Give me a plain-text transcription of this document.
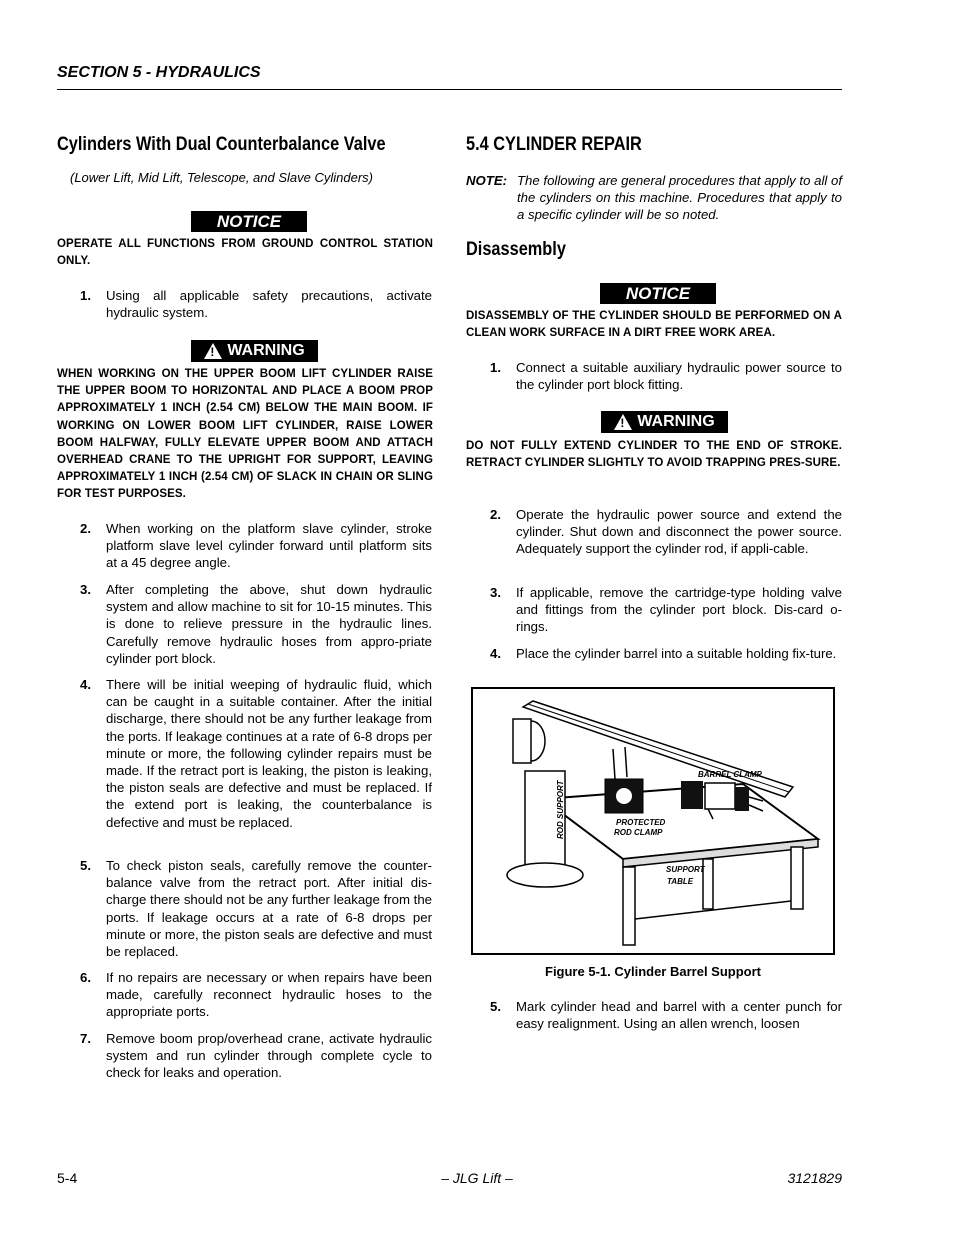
SECTION 5 - HYDRAULICS
Cylinders With Dual Counterbalance Valve
(Lower Lift, Mid Lift, Telescope, and Slave Cylinders)
NOTICE
OPERATE ALL FUNCTIONS FROM GROUND CONTROL STATION ONLY.
1. Using all applicable safety precautions, activate hydraulic system.
!
WARNING
WHEN WORKING ON THE UPPER BOOM LIFT CYLINDER RAISE THE UPPER BOOM TO HORIZONTAL AND PLACE A BOOM PROP APPROXIMATELY 1 INCH (2.54 CM) BELOW THE MAIN BOOM. IF WORKING ON LOWER BOOM LIFT CYLINDER, RAISE LOWER BOOM HALFWAY, FULLY ELEVATE UPPER BOOM AND ATTACH OVERHEAD CRANE TO THE UPRIGHT FOR SUPPORT, LEAVING APPROXIMATELY 1 INCH (2.54 CM) OF SLACK IN CHAIN OR SLING FOR TEST PURPOSES.
2. When working on the platform slave cylinder, stroke platform slave level cylinder forward until platform sits at a 45 degree angle.
3. After completing the above, shut down hydraulic system and allow machine to sit for 10-15 minutes. This is done to relieve pressure in the hydraulic lines. Carefully remove hydraulic hoses from appro-priate cylinder port block.
4. There will be initial weeping of hydraulic fluid, which can be caught in a suitable container. After the initial discharge, there should not be any further leakage from the ports. If leakage continues at a rate of 6-8 drops per minute or more, the following cylinder repairs must be made. If the retract port is leaking, the piston is leaking, the piston seals are defective and must be replaced. If the extend port is leaking, the counterbalance is defective and must be replaced.
5. To check piston seals, carefully remove the counter-balance valve from the retract port. After initial dis-charge there should not be any further leakage from the ports. If leakage occurs at a rate of 6-8 drops per minute or more, the piston seals are defective and must be replaced.
6. If no repairs are necessary or when repairs have been made, carefully reconnect hydraulic hoses to the appropriate ports.
7. Remove boom prop/overhead crane, activate hydraulic system and run cylinder through complete cycle to check for leaks and operation.
5.4 CYLINDER REPAIR
NOTE: The following are general procedures that apply to all of the cylinders on this machine. Procedures that apply to a specific cylinder will be so noted.
Disassembly
NOTICE
DISASSEMBLY OF THE CYLINDER SHOULD BE PERFORMED ON A CLEAN WORK SURFACE IN A DIRT FREE WORK AREA.
1. Connect a suitable auxiliary hydraulic power source to the cylinder port block fitting.
!
WARNING
DO NOT FULLY EXTEND CYLINDER TO THE END OF STROKE. RETRACT CYLINDER SLIGHTLY TO AVOID TRAPPING PRES-SURE.
2. Operate the hydraulic power source and extend the cylinder. Shut down and disconnect the power source. Adequately support the cylinder rod, if appli-cable.
3. If applicable, remove the cartridge-type holding valve and fittings from the cylinder port block. Dis-card o-rings.
4. Place the cylinder barrel into a suitable holding fix-ture.
BARREL CLAMP
PROTECTED
ROD CLAMP
SUPPORT
TABLE
ROD SUPPORT
Figure 5-1. Cylinder Barrel Support
5. Mark cylinder head and barrel with a center punch for easy realignment. Using an allen wrench, loosen
5-4	– JLG Lift –	3121829
